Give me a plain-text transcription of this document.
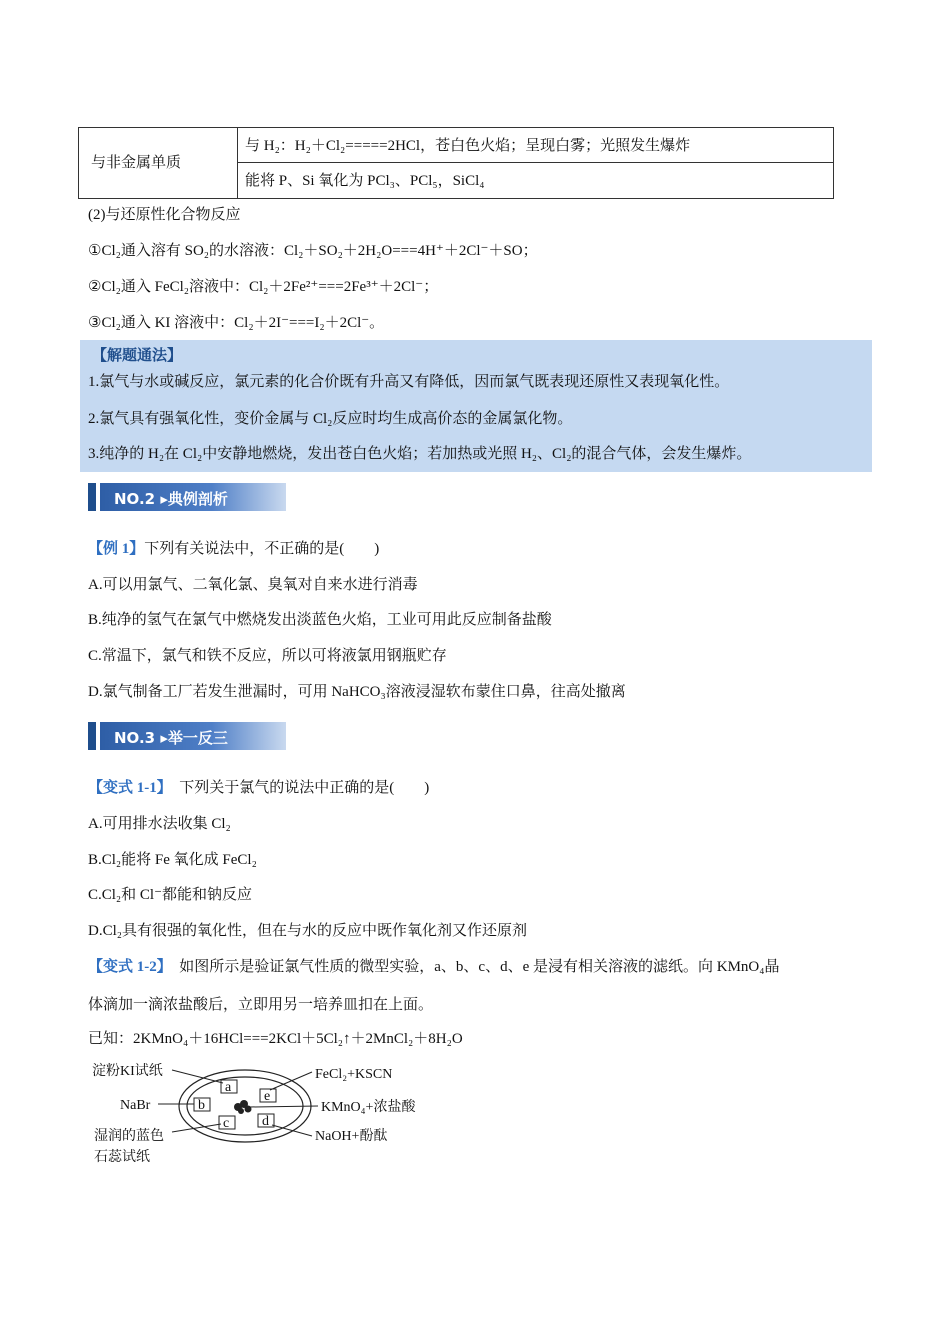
与非金属单质
与 H₂：H₂＋Cl₂=====2HCl，苍白色火焰；呈现白雾；光照发生爆炸
能将 P、Si 氧化为 PCl₃、PCl₅，SiCl₄
(2)与还原性化合物反应
①Cl₂通入溶有 SO₂的水溶液：Cl₂＋SO₂＋2H₂O===4H⁺＋2Cl⁻＋SO；
②Cl₂通入 FeCl₂溶液中：Cl₂＋2Fe²⁺===2Fe³⁺＋2Cl⁻；
③Cl₂通入 KI 溶液中：Cl₂＋2I⁻===I₂＋2Cl⁻。
【解题通法】
1.氯气与水或碱反应，氯元素的化合价既有升高又有降低，因而氯气既表现还原性又表现氧化性。
2.氯气具有强氧化性，变价金属与 Cl₂反应时均生成高价态的金属氯化物。
3.纯净的 H₂在 Cl₂中安静地燃烧，发出苍白色火焰；若加热或光照 H₂、Cl₂的混合气体，会发生爆炸。
NO.2 ▸典例剖析
【例 1】下列有关说法中，不正确的是(　　)
A.可以用氯气、二氧化氯、臭氧对自来水进行消毒
B.纯净的氢气在氯气中燃烧发出淡蓝色火焰，工业可用此反应制备盐酸
C.常温下，氯气和铁不反应，所以可将液氯用钢瓶贮存
D.氯气制备工厂若发生泄漏时，可用 NaHCO₃溶液浸湿软布蒙住口鼻，往高处撤离
NO.3 ▸举一反三
【变式 1-1】　 下列关于氯气的说法中正确的是(　　)
A.可用排水法收集 Cl₂
B.Cl₂能将 Fe 氧化成 FeCl₂
C.Cl₂和 Cl⁻都能和钠反应
D.Cl₂具有很强的氧化性，但在与水的反应中既作氧化剂又作还原剂
【变式 1-2】　 如图所示是验证氯气性质的微型实验，a、b、c、d、e 是浸有相关溶液的滤纸。向 KMnO₄晶
体滴加一滴浓盐酸后，立即用另一培养皿扣在上面。
已知：2KMnO₄＋16HCl===2KCl＋5Cl₂↑＋2MnCl₂＋8H₂O
a
b
c d
e
淀粉KI试纸
NaBr
湿润的蓝色
石蕊试纸
FeCl₂+KSCN
KMnO₄+浓盐酸
NaOH+酚酞
